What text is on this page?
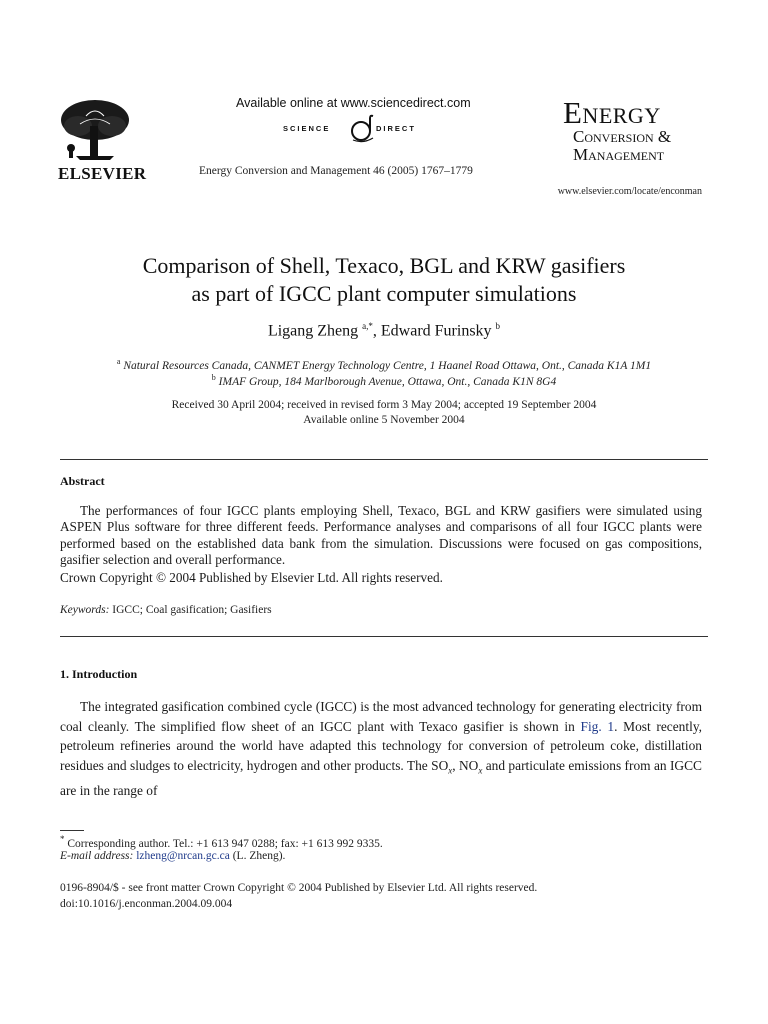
ELSEVIER
Available online at www.sciencedirect.com
SCIENCE	DIRECT
Energy Conversion and Management 46 (2005) 1767–1779
Energy
Conversion &
Management
www.elsevier.com/locate/enconman
Comparison of Shell, Texaco, BGL and KRW gasifiers
as part of IGCC plant computer simulations
Ligang Zheng $^{a,*}$, Edward Furinsky $^b$
$^a$ Natural Resources Canada, CANMET Energy Technology Centre, 1 Haanel Road Ottawa, Ont., Canada K1A 1M1
$^b$ IMAF Group, 184 Marlborough Avenue, Ottawa, Ont., Canada K1N 8G4
Received 30 April 2004; received in revised form 3 May 2004; accepted 19 September 2004
Available online 5 November 2004
Abstract

The performances of four IGCC plants employing Shell, Texaco, BGL and KRW gasifiers were simulated using ASPEN Plus software for three different feeds. Performance analyses and comparisons of all four IGCC plants were performed based on the established data bank from the simulation. Discussions were focused on gas compositions, gasifier selection and overall performance.

Crown Copyright © 2004 Published by Elsevier Ltd. All rights reserved.
Keywords: IGCC; Coal gasification; Gasifiers
1. Introduction

The integrated gasification combined cycle (IGCC) is the most advanced technology for generating electricity from coal cleanly. The simplified flow sheet of an IGCC plant with Texaco gasifier is shown in Fig. 1. Most recently, petroleum refineries around the world have adapted this technology for conversion of petroleum coke, distillation residues and sludges to electricity, hydrogen and other products. The $SO_x$, $NO_x$ and particulate emissions from an IGCC are in the range of

* Corresponding author. Tel.: +1 613 947 0288; fax: +1 613 992 9335.
E-mail address: lzheng@nrcan.gc.ca (L. Zheng).
0196-8904/$ - see front matter Crown Copyright © 2004 Published by Elsevier Ltd. All rights reserved.
doi:10.1016/j.enconman.2004.09.004
